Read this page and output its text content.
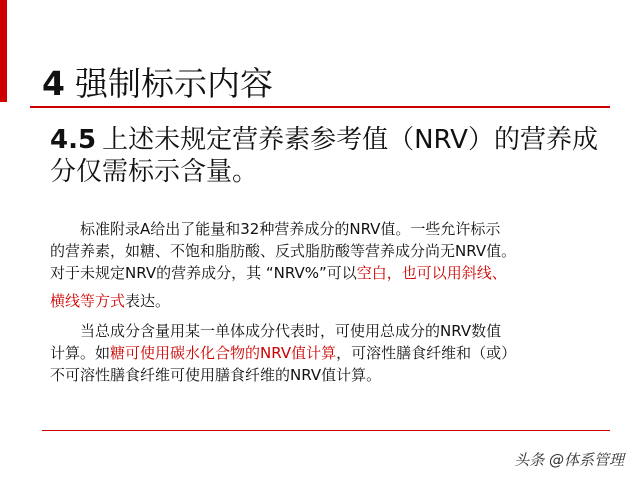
4 强制标示内容
4.5 上述未规定营养素参考值（NRV）的营养成分仅需标示含量。
标准附录A给出了能量和32种营养成分的NRV值。一些允许标示
的营养素，如糖、不饱和脂肪酸、反式脂肪酸等营养成分尚无NRV值。
对于未规定NRV的营养成分，其 “NRV%”可以空白，也可以用斜线、
横线等方式表达。
当总成分含量用某一单体成分代表时，可使用总成分的NRV数值
计算。如糖可使用碳水化合物的NRV值计算，可溶性膳食纤维和（或）
不可溶性膳食纤维可使用膳食纤维的NRV值计算。
头条 @体系管理
